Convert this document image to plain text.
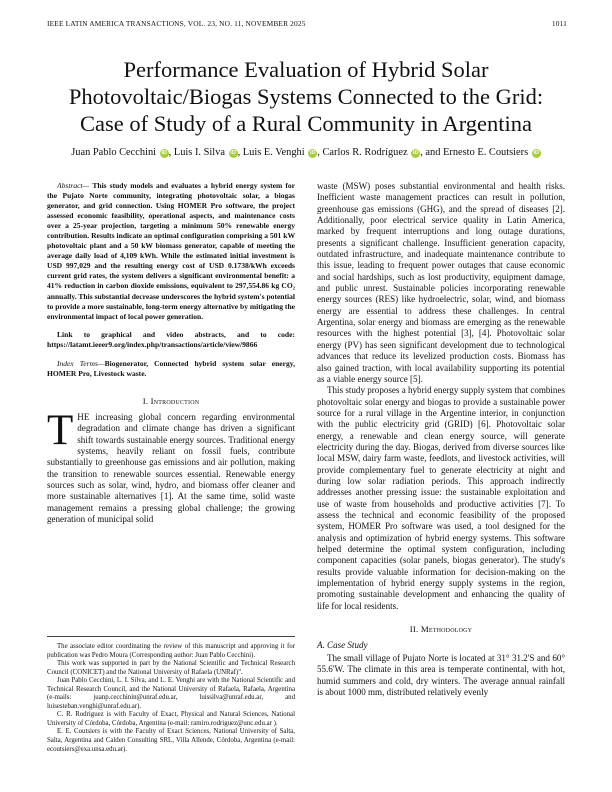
IEEE LATIN AMERICA TRANSACTIONS, VOL. 23, NO. 11, NOVEMBER 2025	1011
Performance Evaluation of Hybrid Solar
Photovoltaic/Biogas Systems Connected to the Grid:
Case of Study of a Rural Community in Argentina
Juan Pablo Cecchini iD , Luis I. Silva iD , Luis E. Venghi iD , Carlos R. Rodríguez iD , and Ernesto E. Coutsiers iD

Abstract— This study models and evaluates a hybrid energy system for the Pujato Norte community, integrating photovoltaic solar, a biogas generator, and grid connection. Using HOMER Pro software, the project assessed economic feasibility, operational aspects, and maintenance costs over a 25-year projection, targeting a minimum 50% renewable energy contribution. Results indicate an optimal configuration comprising a 501 kW photovoltaic plant and a 50 kW biomass generator, capable of meeting the average daily load of 4,109 kWh. While the estimated initial investment is USD 997,029 and the resulting energy cost of USD 0.1738/kWh exceeds current grid rates, the system delivers a significant environmental benefit: a 41% reduction in carbon dioxide emissions, equivalent to 297,554.86 kg CO₂ annually. This substantial decrease underscores the hybrid system's potential to provide a more sustainable, long-term energy alternative by mitigating the environmental impact of local power generation.

Link to graphical and video abstracts, and to code: https://latamt.ieeer9.org/index.php/transactions/article/view/9866

Index Terms—Biogenerator, Connected hybrid system solar energy, HOMER Pro, Livestock waste.

I. Introduction

THE increasing global concern regarding environmental degradation and climate change has driven a significant shift towards sustainable energy sources. Traditional energy systems, heavily reliant on fossil fuels, contribute substantially to greenhouse gas emissions and air pollution, making the transition to renewable sources essential. Renewable energy sources such as solar, wind, hydro, and biomass offer cleaner and more sustainable alternatives [1]. At the same time, solid waste management remains a pressing global challenge; the growing generation of municipal solid

The associate editor coordinating the review of this manuscript and approving it for publication was Pedro Moura (Corresponding author: Juan Pablo Cecchini).

This work was supported in part by the National Scientific and Technical Research Council (CONICET) and the National University of Rafaela (UNRaf)".

Juan Pablo Cecchini, L. I. Silva, and L. E. Venghi are with the National Scientific and Technical Research Council, and the National University of Rafaela, Rafaela, Argentina (e-mails: juanp.cecchinin@unraf.edu.ar, luissilva@unraf.edu.ar, and luisesteban.venghi@unraf.edu.ar).

C. R. Rodriguez is with Faculty of Exact, Physical and Natural Sciences, National University of Córdoba, Córdoba, Argentina (e-mail: ramiro.rodriguez@unc.edu.ar ).

E. E. Coutsiers is with the Faculty of Exact Sciences, National University of Salta, Salta, Argentina and Calden Consulting SRL, Villa Allende, Córdoba, Argentina (e-mail: ecoutsiers@exa.unsa.edu.ar).

waste (MSW) poses substantial environmental and health risks. Inefficient waste management practices can result in pollution, greenhouse gas emissions (GHG), and the spread of diseases [2]. Additionally, poor electrical service quality in Latin America, marked by frequent interruptions and long outage durations, presents a significant challenge. Insufficient generation capacity, outdated infrastructure, and inadequate maintenance contribute to this issue, leading to frequent power outages that cause economic and social hardships, such as lost productivity, equipment damage, and public unrest. Sustainable policies incorporating renewable energy sources (RES) like hydroelectric, solar, wind, and biomass energy are essential to address these challenges. In central Argentina, solar energy and biomass are emerging as the renewable resources with the highest potential [3], [4]. Photovoltaic solar energy (PV) has seen significant development due to technological advances that reduce its levelized production costs. Biomass has also gained traction, with local availability supporting its potential as a viable energy source [5].

This study proposes a hybrid energy supply system that combines photovoltaic solar energy and biogas to provide a sustainable power source for a rural village in the Argentine interior, in conjunction with the public electricity grid (GRID) [6]. Photovoltaic solar energy, a renewable and clean energy source, will generate electricity during the day. Biogas, derived from diverse sources like local MSW, dairy farm waste, feedlots, and livestock activities, will provide complementary fuel to generate electricity at night and during low solar radiation periods. This approach indirectly addresses another pressing issue: the sustainable exploitation and use of waste from households and productive activities [7]. To assess the technical and economic feasibility of the proposed system, HOMER Pro software was used, a tool designed for the analysis and optimization of hybrid energy systems. This software helped determine the optimal system configuration, including component capacities (solar panels, biogas generator). The study's results provide valuable information for decision-making on the implementation of hybrid energy supply systems in the region, promoting sustainable development and enhancing the quality of life for local residents.

II. Methodology
A. Case Study

The small village of Pujato Norte is located at 31° 31.2'S and 60° 55.6'W. The climate in this area is temperate continental, with hot, humid summers and cold, dry winters. The average annual rainfall is about 1000 mm, distributed relatively evenly
